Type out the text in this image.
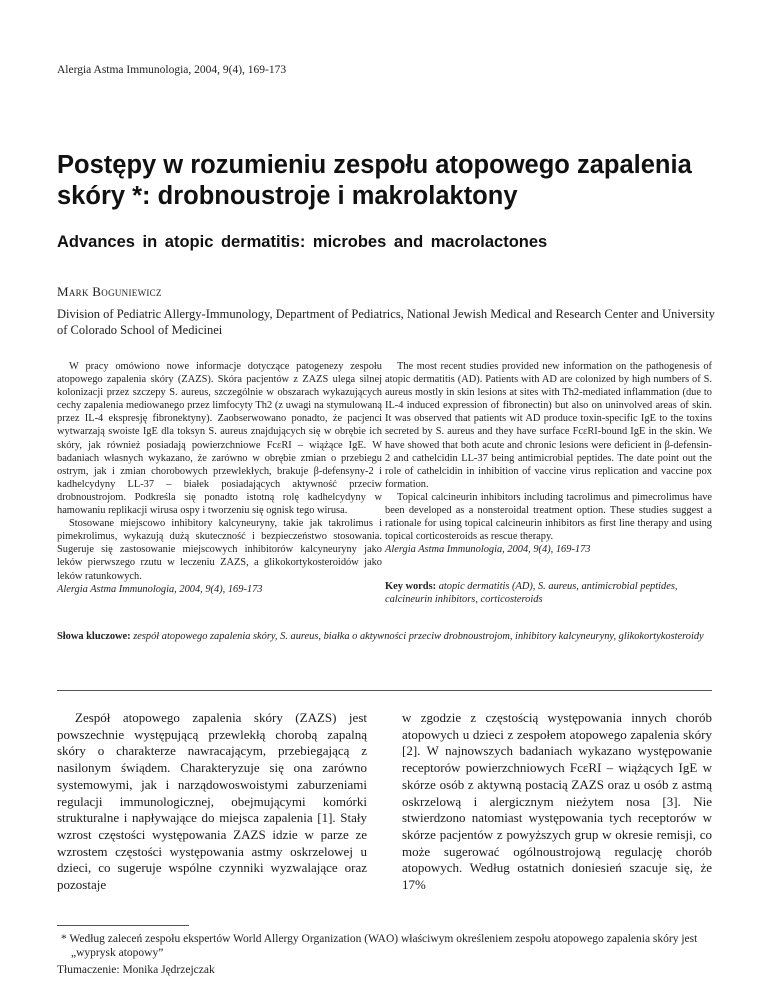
Alergia Astma Immunologia, 2004, 9(4), 169-173
Postępy w rozumieniu zespołu atopowego zapalenia skóry *: drobnoustroje i makrolaktony
Advances in atopic dermatitis: microbes and macrolactones
Mark Boguniewicz
Division of Pediatric Allergy-Immunology, Department of Pediatrics, National Jewish Medical and Research Center and University of Colorado School of Medicinei

W pracy omówiono nowe informacje dotyczące patogenezy zespołu atopowego zapalenia skóry (ZAZS). Skóra pacjentów z ZAZS ulega silnej kolonizacji przez szczepy S. aureus, szczególnie w obszarach wykazujących cechy zapalenia mediowanego przez limfocyty Th2 (z uwagi na stymulowaną przez IL-4 ekspresję fibronektyny). Zaobserwowano ponadto, że pacjenci wytwarzają swoiste IgE dla toksyn S. aureus znajdujących się w obrębie ich skóry, jak również posiadają powierzchniowe FcεRI – wiążące IgE. W badaniach własnych wykazano, że zarówno w obrębie zmian o przebiegu ostrym, jak i zmian chorobowych przewlekłych, brakuje β-defensyny-2 i kadhelcydyny LL-37 – białek posiadających aktywność przeciw drobnoustrojom. Podkreśla się ponadto istotną rolę kadhelcydyny w hamowaniu replikacji wirusa ospy i tworzeniu się ognisk tego wirusa.

Stosowane miejscowo inhibitory kalcyneuryny, takie jak takrolimus i pimekrolimus, wykazują dużą skuteczność i bezpieczeństwo stosowania. Sugeruje się zastosowanie miejscowych inhibitorów kalcyneuryny jako leków pierwszego rzutu w leczeniu ZAZS, a glikokortykosteroidów jako leków ratunkowych.

Alergia Astma Immunologia, 2004, 9(4), 169-173

The most recent studies provided new information on the pathogenesis of atopic dermatitis (AD). Patients with AD are colonized by high numbers of S. aureus mostly in skin lesions at sites with Th2-mediated inflammation (due to IL-4 induced expression of fibronectin) but also on uninvolved areas of skin. It was observed that patients wit AD produce toxin-specific IgE to the toxins secreted by S. aureus and they have surface FcεRI-bound IgE in the skin. We have showed that both acute and chronic lesions were deficient in β-defensin-2 and cathelcidin LL-37 being antimicrobial peptides. The date point out the role of cathelcidin in inhibition of vaccine virus replication and vaccine pox formation.

Topical calcineurin inhibitors including tacrolimus and pimecrolimus have been developed as a nonsteroidal treatment option. These studies suggest a rationale for using topical calcineurin inhibitors as first line therapy and using topical corticosteroids as rescue therapy.

Alergia Astma Immunologia, 2004, 9(4), 169-173

Key words: atopic dermatitis (AD), S. aureus, antimicrobial peptides, calcineurin inhibitors, corticosteroids
Słowa kluczowe: zespół atopowego zapalenia skóry, S. aureus, białka o aktywności przeciw drobnoustrojom, inhibitory kalcyneuryny, glikokortykosteroidy

Zespół atopowego zapalenia skóry (ZAZS) jest powszechnie występującą przewlekłą chorobą zapalną skóry o charakterze nawracającym, przebiegającą z nasilonym świądem. Charakteryzuje się ona zarówno systemowymi, jak i narządowoswoistymi zaburzeniami regulacji immunologicznej, obejmującymi komórki strukturalne i napływające do miejsca zapalenia [1]. Stały wzrost częstości występowania ZAZS idzie w parze ze wzrostem częstości występowania astmy oskrzelowej u dzieci, co sugeruje wspólne czynniki wyzwalające oraz pozostaje

w zgodzie z częstością występowania innych chorób atopowych u dzieci z zespołem atopowego zapalenia skóry [2]. W najnowszych badaniach wykazano występowanie receptorów powierzchniowych FcεRI – wiążących IgE w skórze osób z aktywną postacią ZAZS oraz u osób z astmą oskrzelową i alergicznym nieżytem nosa [3]. Nie stwierdzono natomiast występowania tych receptorów w skórze pacjentów z powyższych grup w okresie remisji, co może sugerować ogólnoustrojową regulację chorób atopowych. Według ostatnich doniesień szacuje się, że 17%

* Według zaleceń zespołu ekspertów World Allergy Organization (WAO) właściwym określeniem zespołu atopowego zapalenia skóry jest „wyprysk atopowy”
Tłumaczenie: Monika Jędrzejczak
